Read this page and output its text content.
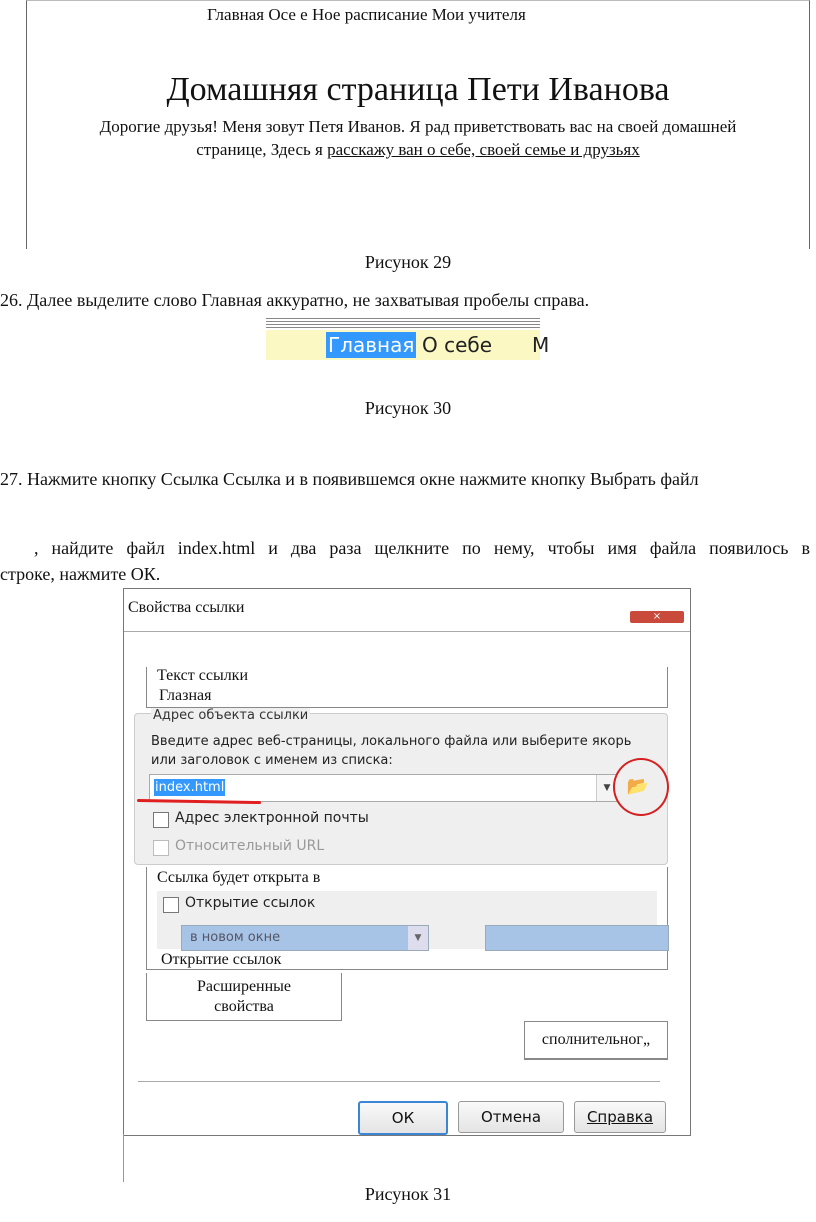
Главная Осе е Ное расписание Мои учителя
Домашняя страница Пети Иванова
Дорогие друзья! Меня зовут Петя Иванов. Я рад приветствовать вас на своей домашней
странице, Здесь я расскажу ван о себе, своей семье и друзьях
Рисунок 29
26. Далее выделите слово Главная аккуратно, не захватывая пробелы справа.
Главная О себе М
Рисунок 30
27. Нажмите кнопку Ссылка Ссылка и в появившемся окне нажмите кнопку Выбрать файл
, найдите файл index.html и два раза щелкните по нему, чтобы имя файла появилось в
строке, нажмите ОК.
Свойства ссылки
×
Текст ссылки
Глазная
Адрес объекта ссылки
Введите адрес веб-страницы, локального файла или выберите якорь или заголовок с именем из списка:
index.html	▼ 📂
Адрес электронной почты
Относительный URL
Ссылка будет открыта в
Открытие ссылок
в новом окне	▼
Открытие ссылок
Расширенные
свойства
сполнительног„
ОК	Отмена	Справка
Рисунок 31
